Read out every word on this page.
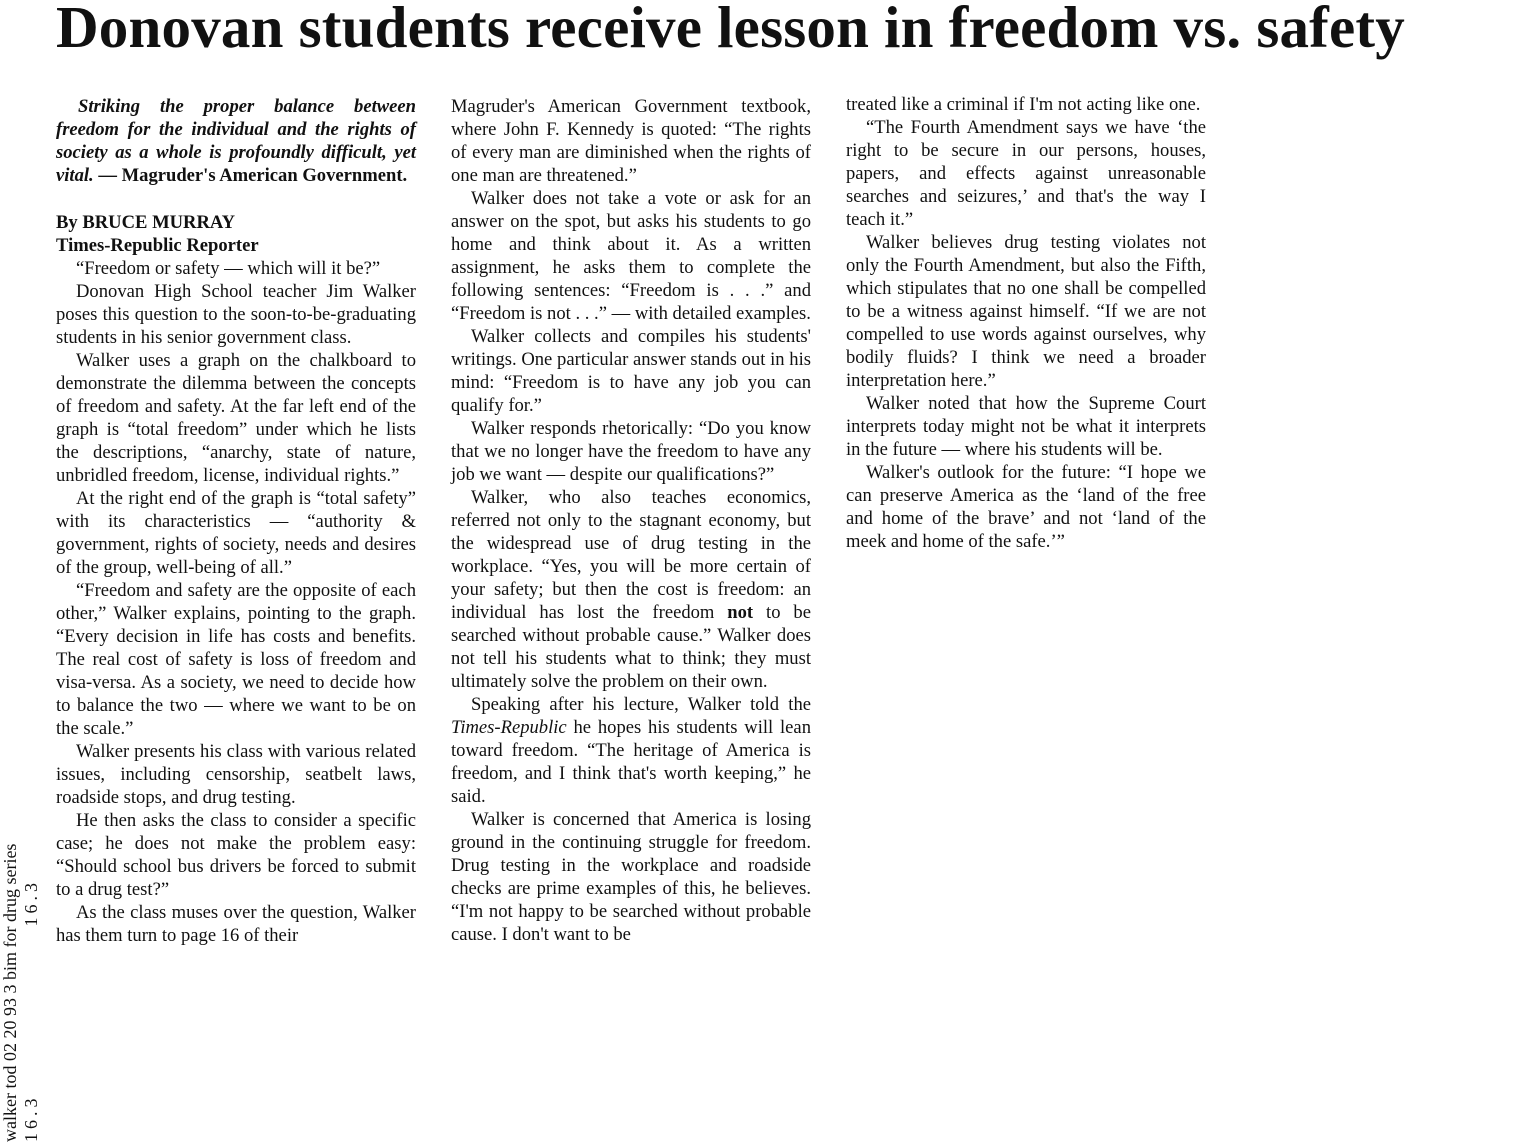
Donovan students receive lesson in freedom vs. safety

Striking the proper balance between freedom for the individual and the rights of society as a whole is profoundly difficult, yet vital. — Magruder's American Government.

By BRUCE MURRAY

Times-Republic Reporter

“Freedom or safety — which will it be?”

Donovan High School teacher Jim Walker poses this question to the soon-to-be-graduating students in his senior government class.

Walker uses a graph on the chalkboard to demonstrate the dilemma between the concepts of freedom and safety. At the far left end of the graph is “total freedom” under which he lists the descriptions, “anarchy, state of nature, unbridled freedom, license, individual rights.”

At the right end of the graph is “total safety” with its characteristics — “authority & government, rights of society, needs and desires of the group, well-being of all.”

“Freedom and safety are the opposite of each other,” Walker explains, pointing to the graph. “Every decision in life has costs and benefits. The real cost of safety is loss of freedom and visa-versa. As a society, we need to decide how to balance the two — where we want to be on the scale.”

Walker presents his class with various related issues, including censorship, seatbelt laws, roadside stops, and drug testing.

He then asks the class to consider a specific case; he does not make the problem easy: “Should school bus drivers be forced to submit to a drug test?”

As the class muses over the question, Walker has them turn to page 16 of their

Magruder's American Government textbook, where John F. Kennedy is quoted: “The rights of every man are diminished when the rights of one man are threatened.”

Walker does not take a vote or ask for an answer on the spot, but asks his students to go home and think about it. As a written assignment, he asks them to complete the following sentences: “Freedom is . . .” and “Freedom is not . . .” — with detailed examples.

Walker collects and compiles his students' writings. One particular answer stands out in his mind: “Freedom is to have any job you can qualify for.”

Walker responds rhetorically: “Do you know that we no longer have the freedom to have any job we want — despite our qualifications?”

Walker, who also teaches economics, referred not only to the stagnant economy, but the widespread use of drug testing in the workplace. “Yes, you will be more certain of your safety; but then the cost is freedom: an individual has lost the freedom not to be searched without probable cause.” Walker does not tell his students what to think; they must ultimately solve the problem on their own.

Speaking after his lecture, Walker told the Times-Republic he hopes his students will lean toward freedom. “The heritage of America is freedom, and I think that's worth keeping,” he said.

Walker is concerned that America is losing ground in the continuing struggle for freedom. Drug testing in the workplace and roadside checks are prime examples of this, he believes. “I'm not happy to be searched without probable cause. I don't want to be

treated like a criminal if I'm not acting like one.

“The Fourth Amendment says we have ‘the right to be secure in our persons, houses, papers, and effects against unreasonable searches and seizures,’ and that's the way I teach it.”

Walker believes drug testing violates not only the Fourth Amendment, but also the Fifth, which stipulates that no one shall be compelled to be a witness against himself. “If we are not compelled to use words against ourselves, why bodily fluids? I think we need a broader interpretation here.”

Walker noted that how the Supreme Court interprets today might not be what it interprets in the future — where his students will be.

Walker's outlook for the future: “I hope we can preserve America as the ‘land of the free and home of the brave’ and not ‘land of the meek and home of the safe.’”

walker tod 02 20 93 3 bim for drug series 16.316.3
